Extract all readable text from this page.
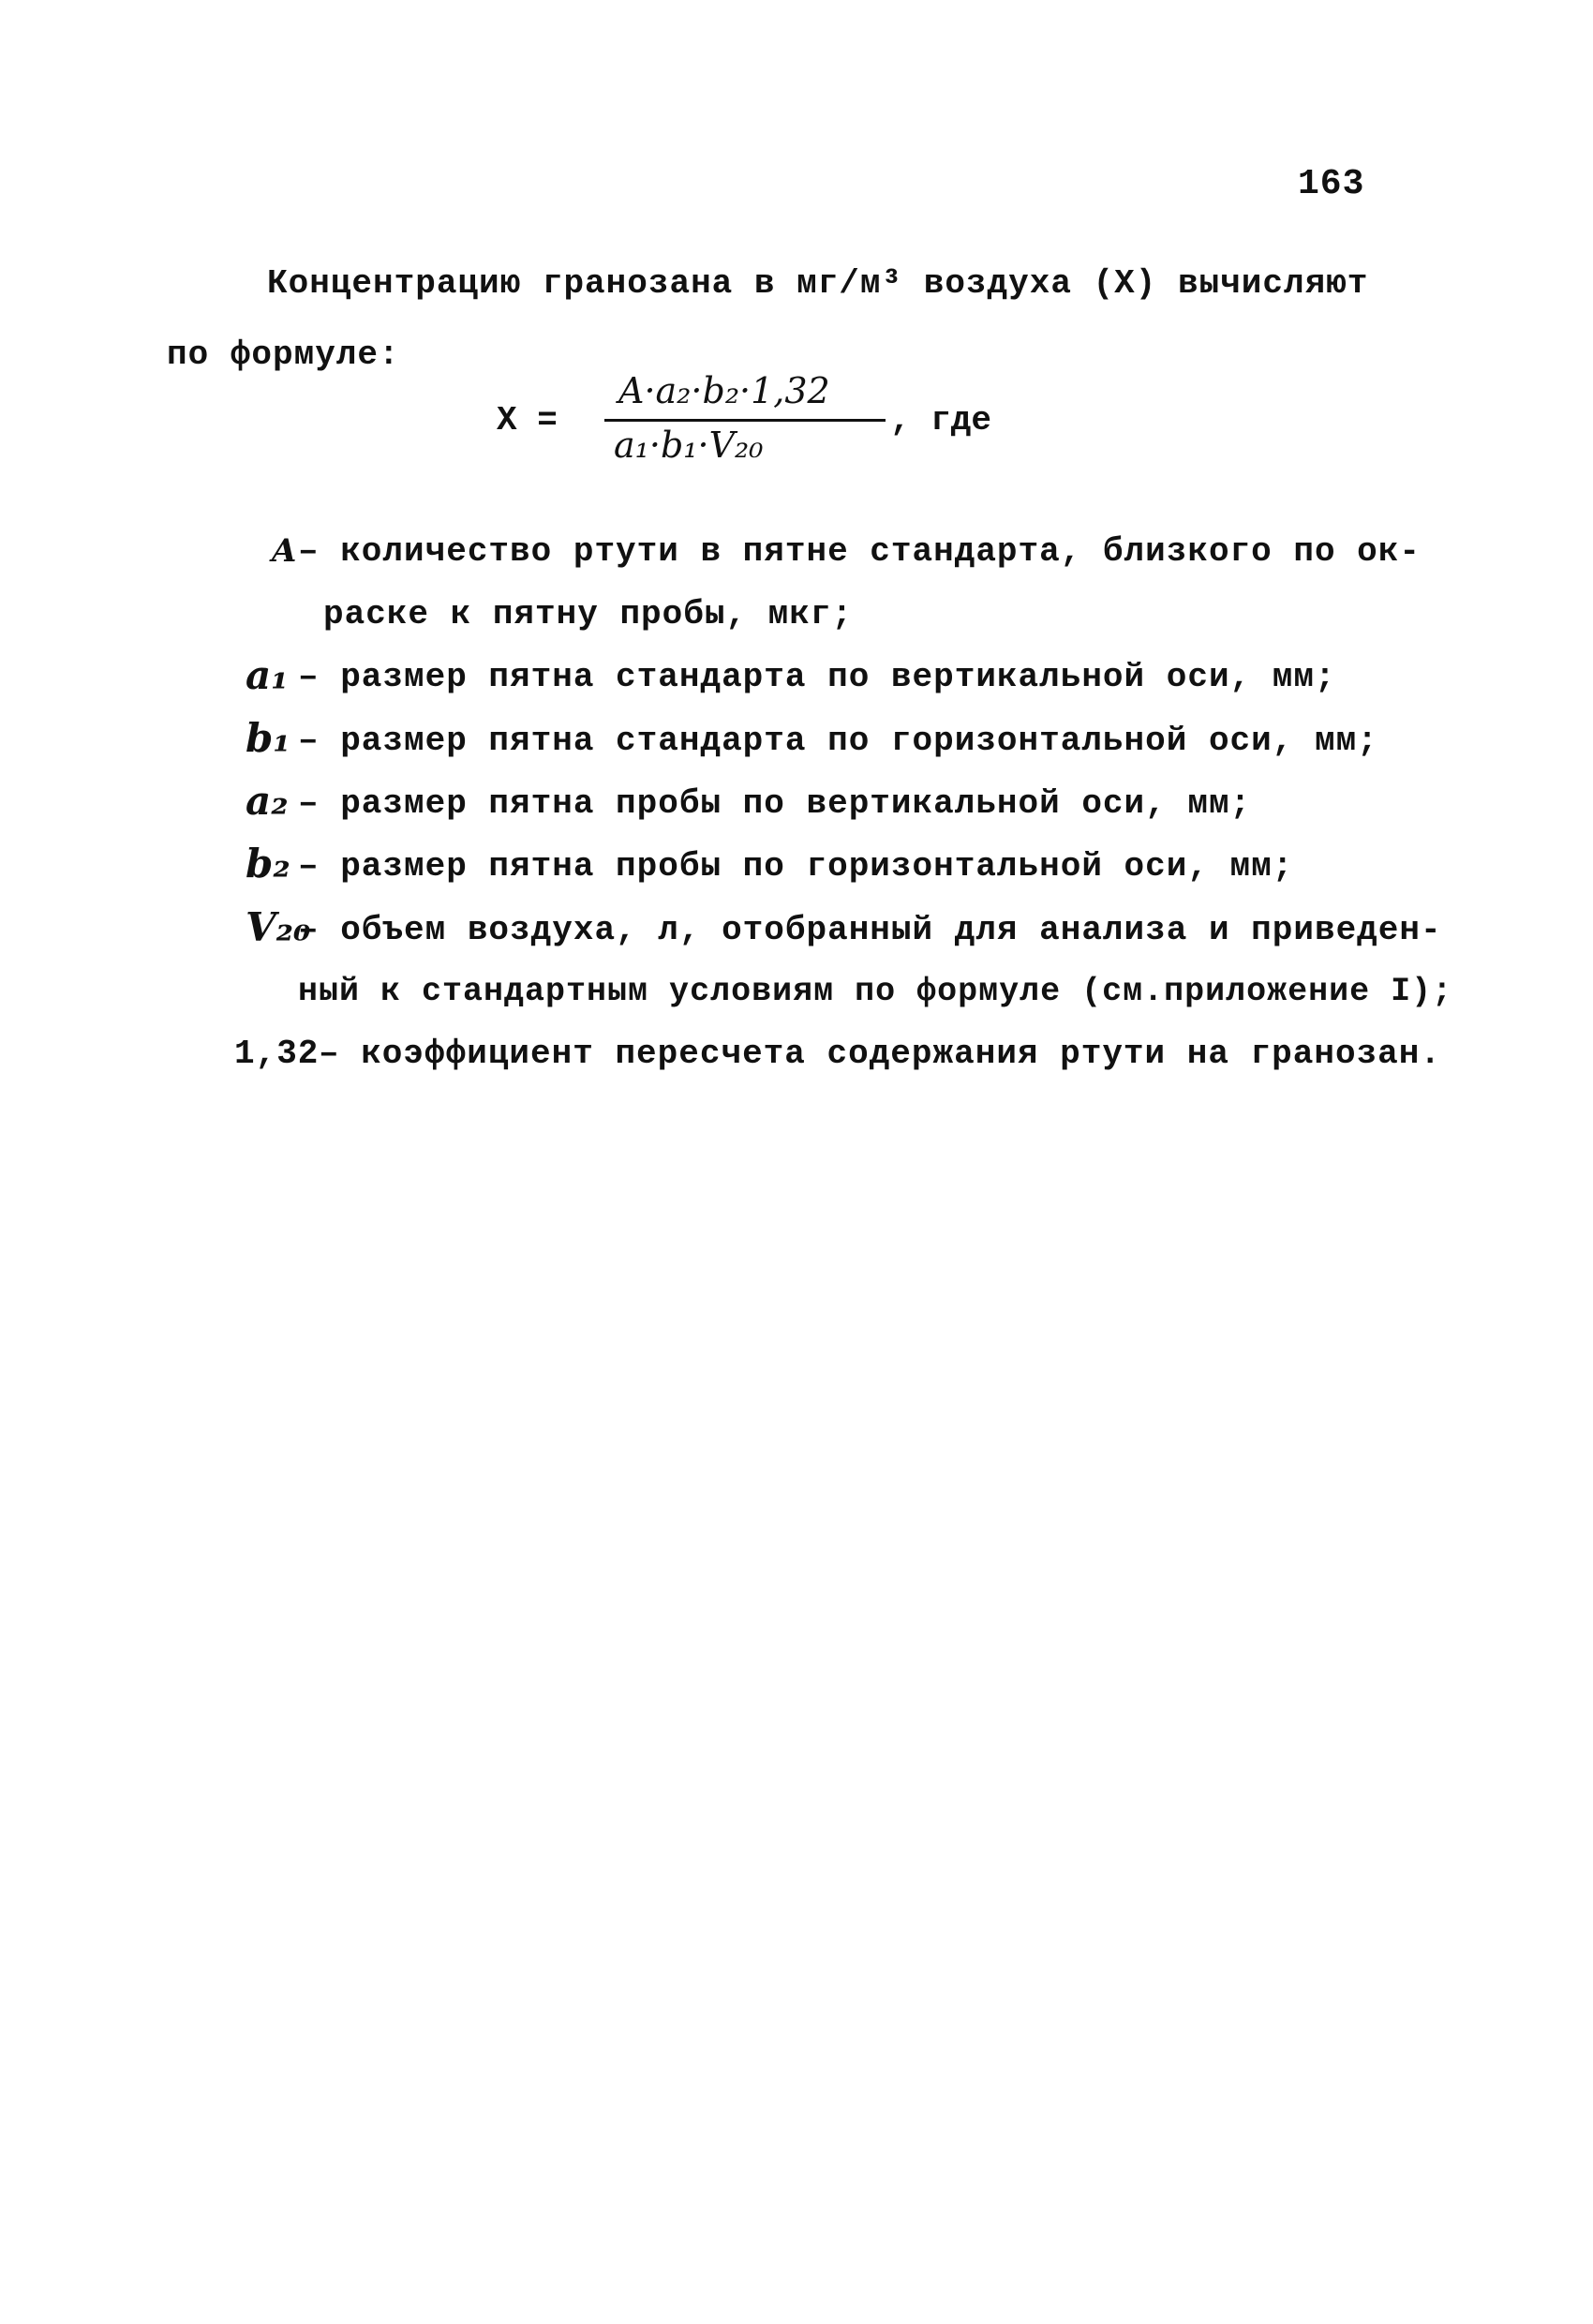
163
Концентрацию гранозана в мг/м³ воздуха (Х) вычисляют
по формуле:
Х =
A·a₂·b₂·1,32
a₁·b₁·V₂₀
, где
A – количество ртути в пятне стандарта, близкого по ок-
раске к пятну пробы, мкг;
a₁ – размер пятна стандарта по вертикальной оси, мм;
b₁ – размер пятна стандарта по горизонтальной оси, мм;
a₂ – размер пятна пробы по вертикальной оси, мм;
b₂ – размер пятна пробы по горизонтальной оси, мм;
V₂₀
– объем воздуха, л, отобранный для анализа и приведен-
ный к стандартным условиям по формуле (см.приложение I);
1,32 – коэффициент пересчета содержания ртути на гранозан.
